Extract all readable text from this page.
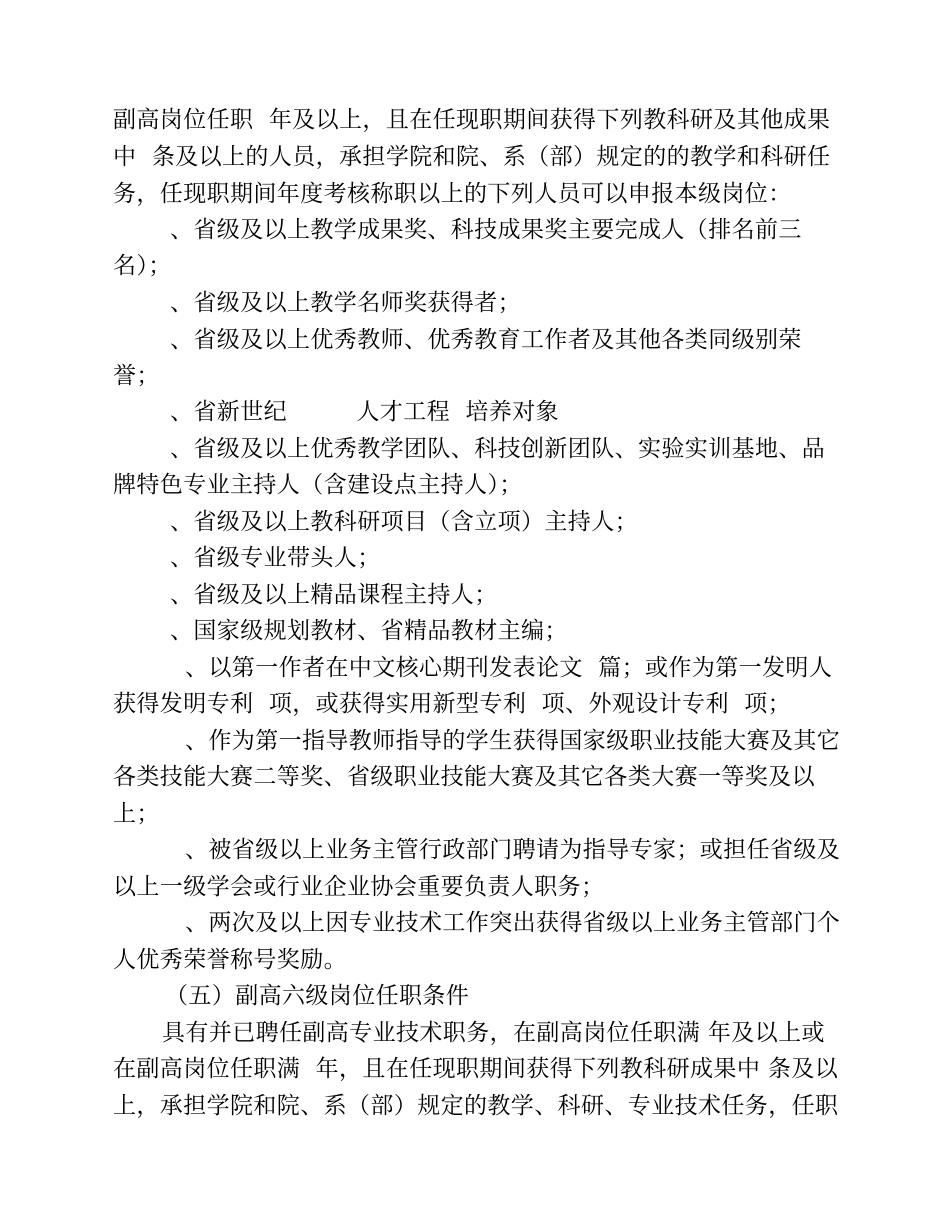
副高岗位任职  年及以上，且在任现职期间获得下列教科研及其他成果
中  条及以上的人员，承担学院和院、系（部）规定的的教学和科研任
务，任现职期间年度考核称职以上的下列人员可以申报本级岗位：
、省级及以上教学成果奖、科技成果奖主要完成人（排名前三
名）；
、省级及以上教学名师奖获得者；
、省级及以上优秀教师、优秀教育工作者及其他各类同级别荣
誉；
、省新世纪         人才工程  培养对象
、省级及以上优秀教学团队、科技创新团队、实验实训基地、品
牌特色专业主持人（含建设点主持人）；
、省级及以上教科研项目（含立项）主持人；
、省级专业带头人；
、省级及以上精品课程主持人；
、国家级规划教材、省精品教材主编；
、以第一作者在中文核心期刊发表论文  篇；或作为第一发明人
获得发明专利  项，或获得实用新型专利  项、外观设计专利  项；
、作为第一指导教师指导的学生获得国家级职业技能大赛及其它
各类技能大赛二等奖、省级职业技能大赛及其它各类大赛一等奖及以
上；
、被省级以上业务主管行政部门聘请为指导专家；或担任省级及
以上一级学会或行业企业协会重要负责人职务；
、两次及以上因专业技术工作突出获得省级以上业务主管部门个
人优秀荣誉称号奖励。
（五）副高六级岗位任职条件
具有并已聘任副高专业技术职务，在副高岗位任职满 年及以上或
在副高岗位任职满  年，且在任现职期间获得下列教科研成果中 条及以
上，承担学院和院、系（部）规定的教学、科研、专业技术任务，任职
